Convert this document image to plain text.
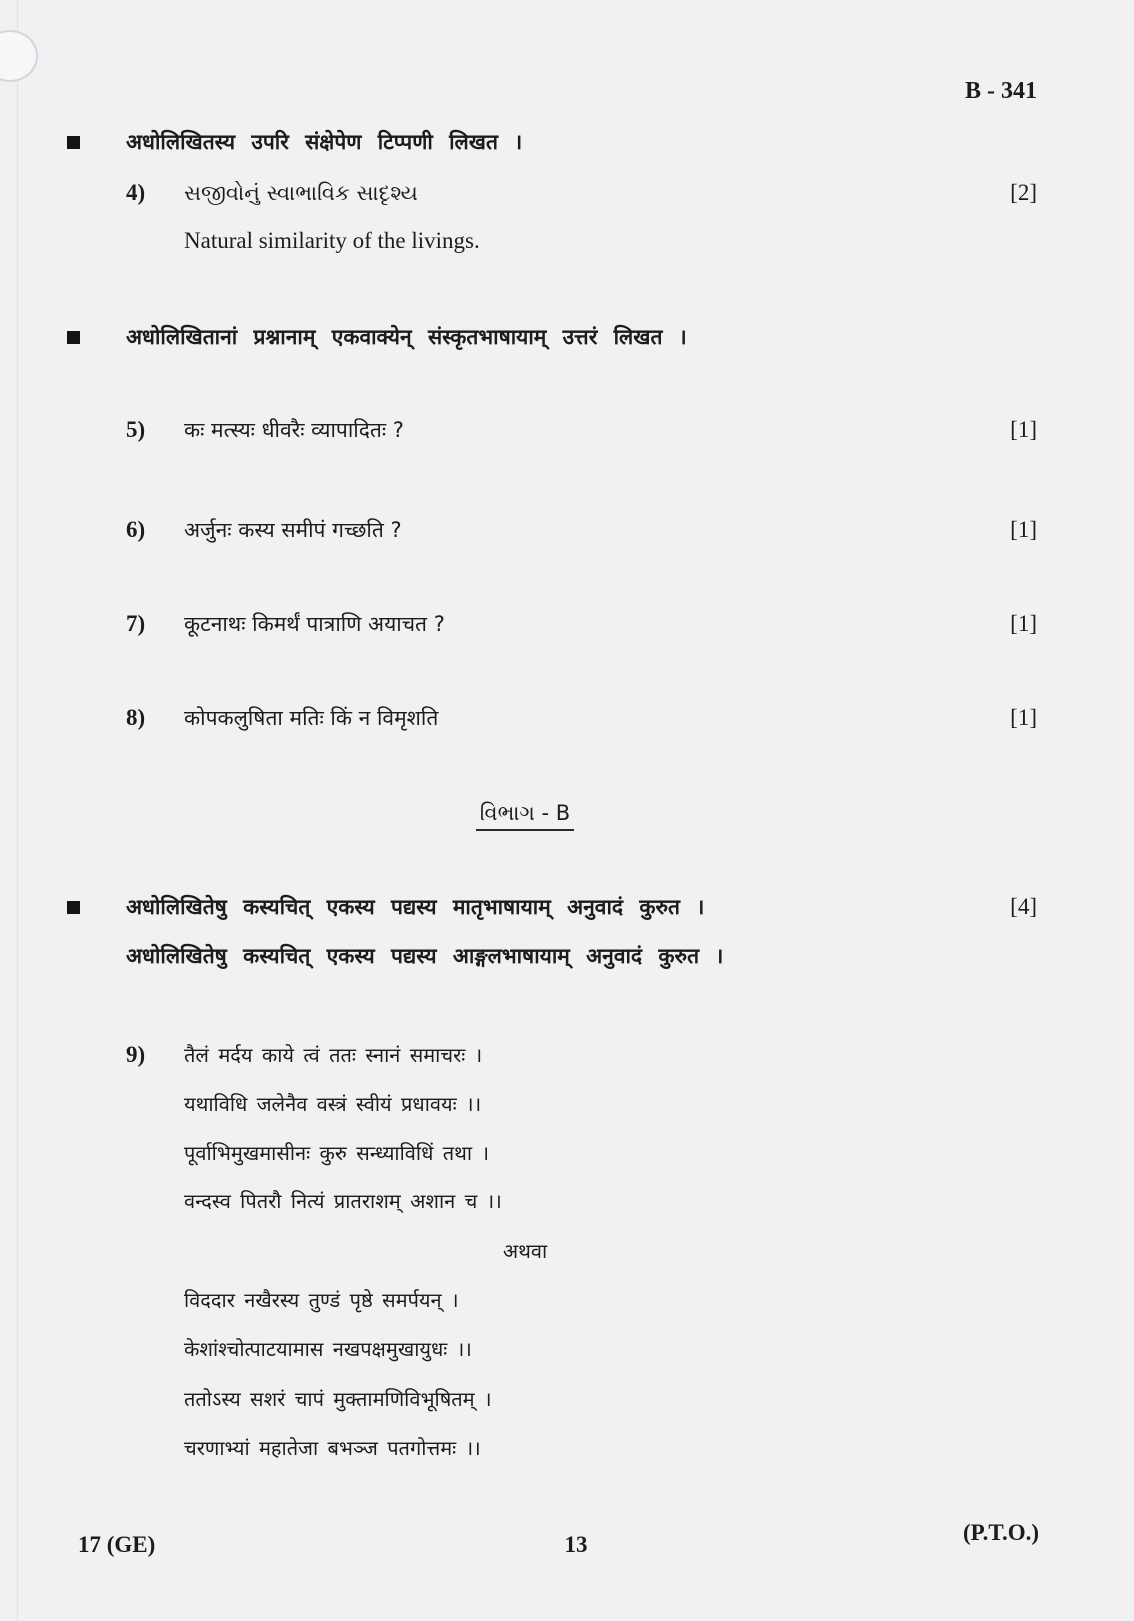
B - 341
अधोलिखितस्य उपरि संक्षेपेण टिप्पणी लिखत ।
4) સજીવોનું સ્વાભાવિક સાદૃશ્ય	[2]
Natural similarity of the livings.
अधोलिखितानां प्रश्नानाम् एकवाक्येन् संस्कृतभाषायाम् उत्तरं लिखत ।
5) कः मत्स्यः धीवरैः व्यापादितः ?	[1]
6) अर्जुनः कस्य समीपं गच्छति ?	[1]
7) कूटनाथः किमर्थं पात्राणि अयाचत ?	[1]
8) कोपकलुषिता मतिः किं न विमृशति	[1]
વિભાગ - B
अधोलिखितेषु कस्यचित् एकस्य पद्यस्य मातृभाषायाम् अनुवादं कुरुत ।	[4]
अधोलिखितेषु कस्यचित् एकस्य पद्यस्य आङ्गलभाषायाम् अनुवादं कुरुत ।
9) तैलं मर्दय काये त्वं ततः स्नानं समाचरः ।
यथाविधि जलेनैव वस्त्रं स्वीयं प्रधावयः ।।
पूर्वाभिमुखमासीनः कुरु सन्ध्याविधिं तथा ।
वन्दस्व पितरौ नित्यं प्रातराशम् अशान च ।।
अथवा
विददार नखैरस्य तुण्डं पृष्ठे समर्पयन् ।
केशांश्चोत्पाटयामास नखपक्षमुखायुधः ।।
ततोऽस्य सशरं चापं मुक्तामणिविभूषितम् ।
चरणाभ्यां महातेजा बभञ्ज पतगोत्तमः ।।
17 (GE)	13	(P.T.O.)
